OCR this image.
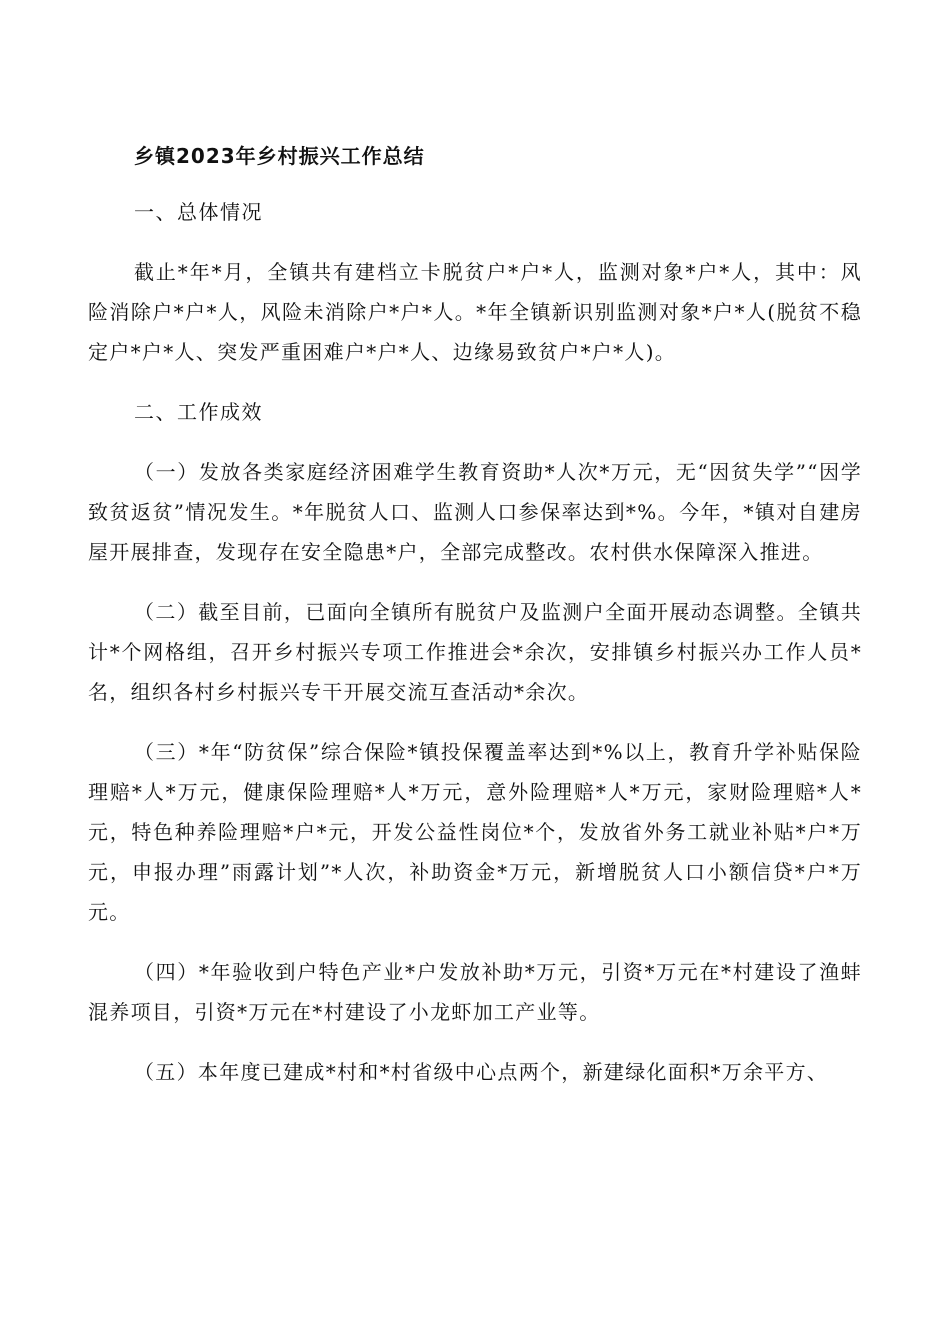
乡镇2023年乡村振兴工作总结

一、总体情况

截止*年*月，全镇共有建档立卡脱贫户*户*人，监测对象*户*人，其中：风险消除户*户*人，风险未消除户*户*人。*年全镇新识别监测对象*户*人(脱贫不稳定户*户*人、突发严重困难户*户*人、边缘易致贫户*户*人)。

二、工作成效

（一）发放各类家庭经济困难学生教育资助*人次*万元，无“因贫失学”“因学致贫返贫”情况发生。*年脱贫人口、监测人口参保率达到*%。今年，*镇对自建房屋开展排查，发现存在安全隐患*户，全部完成整改。农村供水保障深入推进。

（二）截至目前，已面向全镇所有脱贫户及监测户全面开展动态调整。全镇共计*个网格组，召开乡村振兴专项工作推进会*余次，安排镇乡村振兴办工作人员*名，组织各村乡村振兴专干开展交流互查活动*余次。

（三）*年“防贫保”综合保险*镇投保覆盖率达到*%以上，教育升学补贴保险理赔*人*万元，健康保险理赔*人*万元，意外险理赔*人*万元，家财险理赔*人*元，特色种养险理赔*户*元，开发公益性岗位*个，发放省外务工就业补贴*户*万元，申报办理”雨露计划”*人次，补助资金*万元，新增脱贫人口小额信贷*户*万元。

（四）*年验收到户特色产业*户发放补助*万元，引资*万元在*村建设了渔蚌混养项目，引资*万元在*村建设了小龙虾加工产业等。

（五）本年度已建成*村和*村省级中心点两个，新建绿化面积*万余平方、
